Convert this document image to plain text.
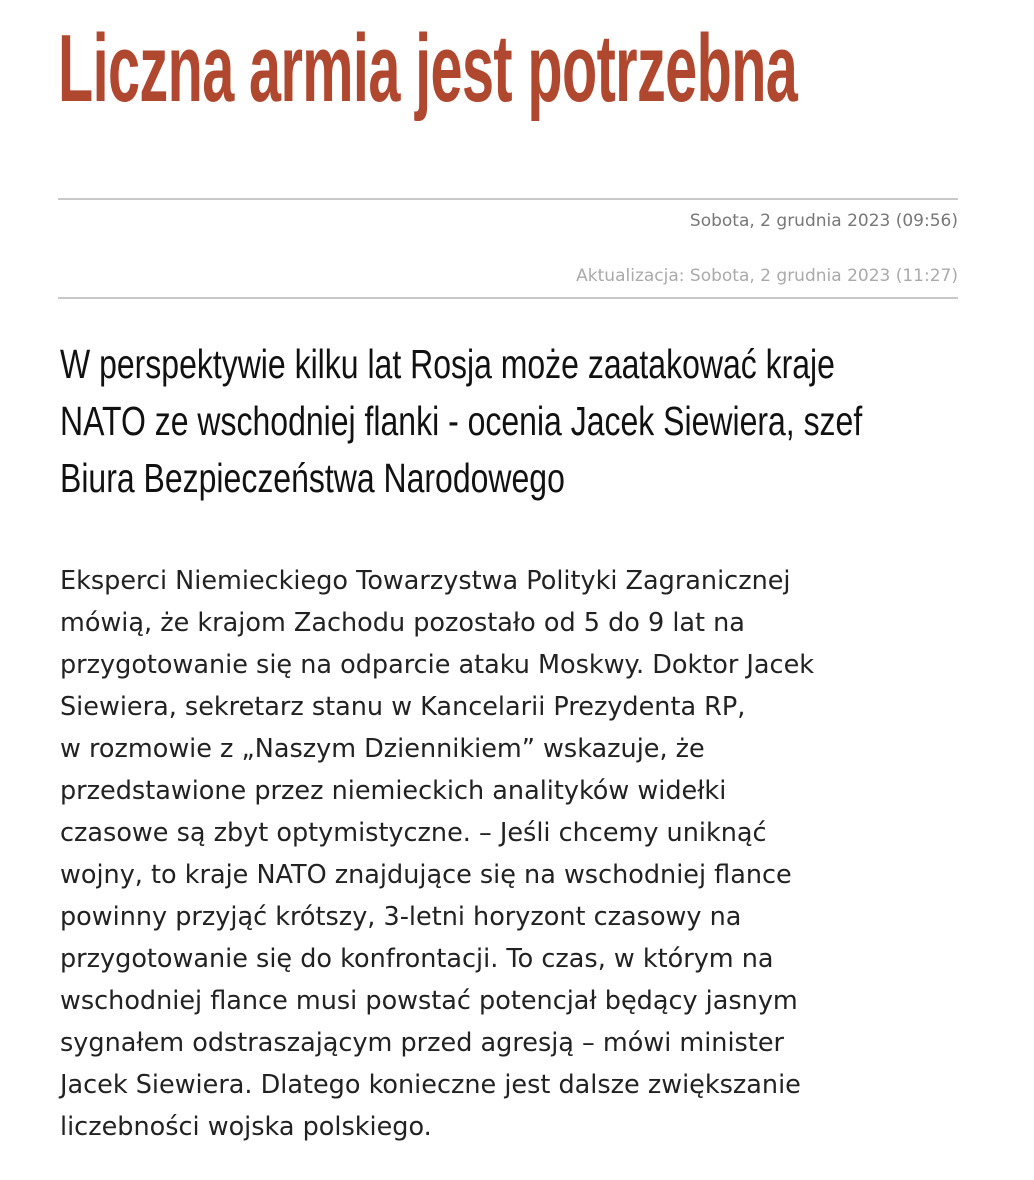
Liczna armia jest potrzebna
Sobota, 2 grudnia 2023 (09:56)
Aktualizacja: Sobota, 2 grudnia 2023 (11:27)
W perspektywie kilku lat Rosja może zaatakować kraje
NATO ze wschodniej flanki - ocenia Jacek Siewiera, szef
Biura Bezpieczeństwa Narodowego
Eksperci Niemieckiego Towarzystwa Polityki Zagranicznej
mówią, że krajom Zachodu pozostało od 5 do 9 lat na
przygotowanie się na odparcie ataku Moskwy. Doktor Jacek
Siewiera, sekretarz stanu w Kancelarii Prezydenta RP,
w rozmowie z „Naszym Dziennikiem” wskazuje, że
przedstawione przez niemieckich analityków widełki
czasowe są zbyt optymistyczne. – Jeśli chcemy uniknąć
wojny, to kraje NATO znajdujące się na wschodniej flance
powinny przyjąć krótszy, 3-letni horyzont czasowy na
przygotowanie się do konfrontacji. To czas, w którym na
wschodniej flance musi powstać potencjał będący jasnym
sygnałem odstraszającym przed agresją – mówi minister
Jacek Siewiera. Dlatego konieczne jest dalsze zwiększanie
liczebności wojska polskiego.
